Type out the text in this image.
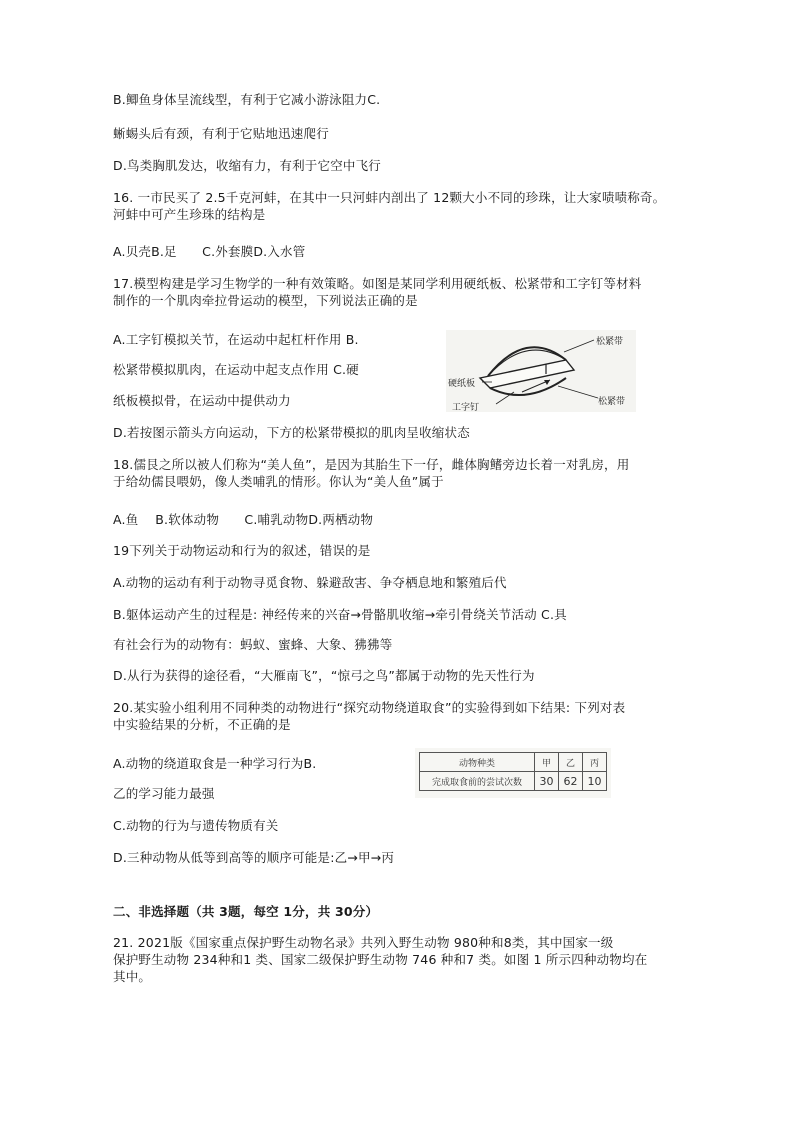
B.鲫鱼身体呈流线型，有利于它减小游泳阻力C.
蜥蜴头后有颈，有利于它贴地迅速爬行
D.鸟类胸肌发达，收缩有力，有利于它空中飞行
16. 一市民买了 2.5千克河蚌，在其中一只河蚌内剖出了 12颗大小不同的珍珠，让大家啧啧称奇。
河蚌中可产生珍珠的结构是
A.贝壳B.足　　C.外套膜D.入水管
17.模型构建是学习生物学的一种有效策略。如图是某同学利用硬纸板、松紧带和工字钉等材料
制作的一个肌肉牵拉骨运动的模型，下列说法正确的是
A.工字钉模拟关节，在运动中起杠杆作用 B.
松紧带模拟肌肉，在运动中起支点作用 C.硬
纸板模拟骨，在运动中提供动力
D.若按图示箭头方向运动，下方的松紧带模拟的肌肉呈收缩状态
松紧带
硬纸板
工字钉
松紧带
18.儒艮之所以被人们称为“美人鱼”，是因为其胎生下一仔，雌体胸鳍旁边长着一对乳房，用
于给幼儒艮喂奶，像人类哺乳的情形。你认为“美人鱼”属于
A.鱼　 B.软体动物　　C.哺乳动物D.两栖动物
19下列关于动物运动和行为的叙述，错误的是
A.动物的运动有利于动物寻觅食物、躲避敌害、争夺栖息地和繁殖后代
B.躯体运动产生的过程是: 神经传来的兴奋→骨骼肌收缩→牵引骨绕关节活动 C.具
有社会行为的动物有：蚂蚁、蜜蜂、大象、狒狒等
D.从行为获得的途径看，“大雁南飞”，“惊弓之鸟”都属于动物的先天性行为
20.某实验小组利用不同种类的动物进行“探究动物绕道取食”的实验得到如下结果: 下列对表
中实验结果的分析，不正确的是
A.动物的绕道取食是一种学习行为B.
乙的学习能力最强
C.动物的行为与遗传物质有关
D.三种动物从低等到高等的顺序可能是:乙→甲→丙
动物种类	甲	乙	丙
完成取食前的尝试次数	30	62	10
二、非选择题（共 3题，每空 1分，共 30分）
21. 2021版《国家重点保护野生动物名录》共列入野生动物 980种和8类，其中国家一级
保护野生动物 234种和1 类、国家二级保护野生动物 746 种和7 类。如图 1 所示四种动物均在
其中。
